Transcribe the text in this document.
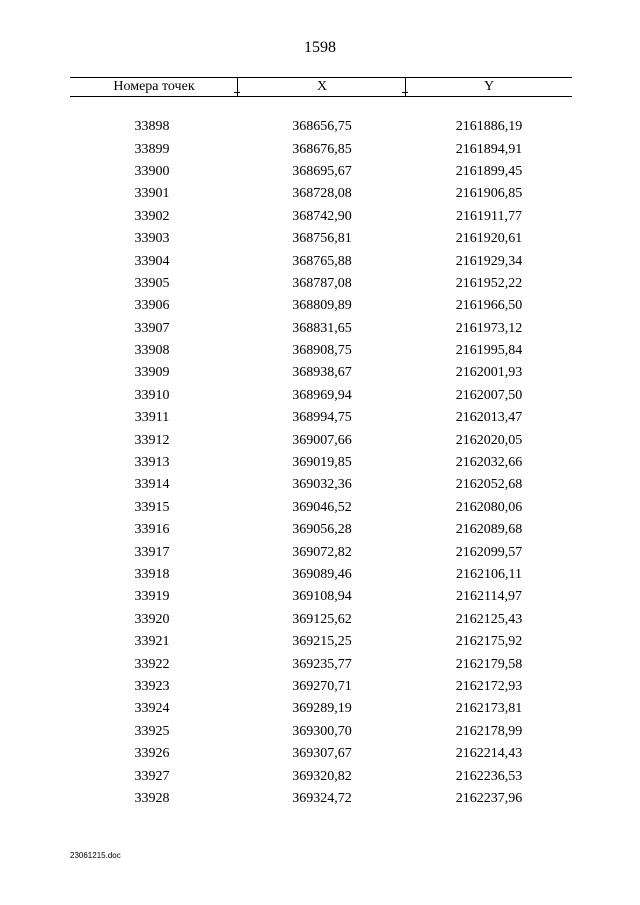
1598
Номера точек	X	Y
33898	368656,75	2161886,19
33899	368676,85	2161894,91
33900	368695,67	2161899,45
33901	368728,08	2161906,85
33902	368742,90	2161911,77
33903	368756,81	2161920,61
33904	368765,88	2161929,34
33905	368787,08	2161952,22
33906	368809,89	2161966,50
33907	368831,65	2161973,12
33908	368908,75	2161995,84
33909	368938,67	2162001,93
33910	368969,94	2162007,50
33911	368994,75	2162013,47
33912	369007,66	2162020,05
33913	369019,85	2162032,66
33914	369032,36	2162052,68
33915	369046,52	2162080,06
33916	369056,28	2162089,68
33917	369072,82	2162099,57
33918	369089,46	2162106,11
33919	369108,94	2162114,97
33920	369125,62	2162125,43
33921	369215,25	2162175,92
33922	369235,77	2162179,58
33923	369270,71	2162172,93
33924	369289,19	2162173,81
33925	369300,70	2162178,99
33926	369307,67	2162214,43
33927	369320,82	2162236,53
33928	369324,72	2162237,96
23061215.doc
